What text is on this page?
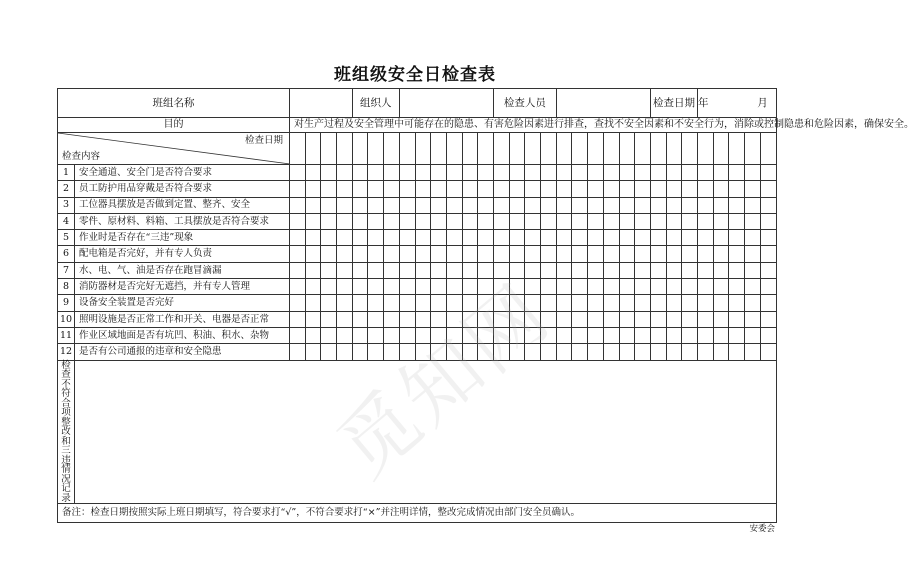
班组级安全日检查表
班组名称						组织人									检查人员										检查日期			年 月				
目的		对生产过程及安全管理中可能存在的隐患、有害危险因素进行排查，查找不安全因素和不安全行为，消除或控制隐患和危险因素，确保安全。																														

检查日期
检查内容																																

1	安全通道、安全门是否符合要求																															
2	员工防护用品穿戴是否符合要求																															
3	工位器具摆放是否做到定置、整齐、安全																															
4	零件、原材料、料箱、工具摆放是否符合要求																															
5	作业时是否存在“三违”现象																															
6	配电箱是否完好，并有专人负责																															
7	水、电、气、油是否存在跑冒滴漏																															
8	消防器材是否完好无遮挡，并有专人管理																															
9	设备安全装置是否完好																															
10	照明设施是否正常工作和开关、电器是否正常																															
11	作业区域地面是否有坑凹、积油、积水、杂物																															
12	是否有公司通报的违章和安全隐患																															

检查不
符合项
整改和
三违情
况记录																																

备注：检查日期按照实际上班日期填写，符合要求打“√”，不符合要求打“×”并注明详情，整改完成情况由部门安全员确认。																																
安委会
觅知网
